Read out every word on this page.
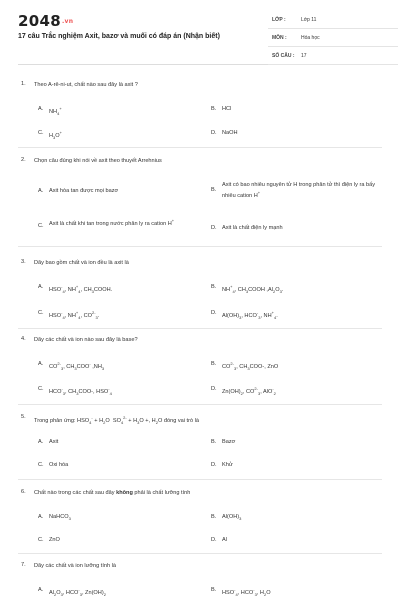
2048.vn
17 câu Trắc nghiệm Axit, bazơ và muối có đáp án (Nhận biết)
LỚP :	Lớp 11
MÔN :	Hóa học
SỐ CÂU : 17
1. Theo A-rê-ni-ut, chất nào sau đây là axit ?
A. $NH_4^+$	B. HCl
C. $H_3O^+$	D. NaOH
2. Chọn câu đúng khi nói về axit theo thuyết Arrehnius
A. Axit hòa tan được mọi bazơ	B.
Axit có bao nhiêu nguyên tử H trong phân tử thì điện ly ra bấy nhiêu cation H+
C. Axit là chất khi tan trong nước phân ly ra cation H+
D. Axit là chất điện ly mạnh
3. Dãy bao gồm chất và ion đều là axit là
A. $HSO^-_4$, $NH^+_4$, $CH_3COOH$.	B. $NH^+_4$, $CH_3COOH$ $,Al_2O_3$.
C. $HSO^-_4$, $NH^+_4$, $CO^{2-}_3$.	D. $Al(OH)_3$, $HCO^-_3$, $NH^+_4$.
4. Dãy các chất và ion nào sau đây là base?
A. $CO^{2-}_3$, $CH_3COO^-$ $,NH_3$
B. $CO^{2-}_3$, $CH_3COO-$, ZnO
C. $HCO^-_3$, $CH_3COO-$, $HSO^-_4$
D. $Zn(OH)_2$, $CO^{2-}_3$, AlO-$_2$
5.
Trong phản ứng: $HSO_4^- + H_2O$  $SO_4^{2-} + H_3O$ +, $H_2O$ đóng vai trò là
A. Axit	B. Bazơ
C. Oxi hóa	D. Khử
6. Chất nào trong các chất sau đây không phải là chất lưỡng tính
A. NaHCO$_3$	B. $Al(OH)_3$
C. ZnO	D. Al
7. Dãy các chất và ion lưỡng tính là
A. $Al_2O_3$, $HCO^-_3$, $Zn(OH)_2$
B. $HSO^-_4$, $HCO^-_3$, $H_2O$
